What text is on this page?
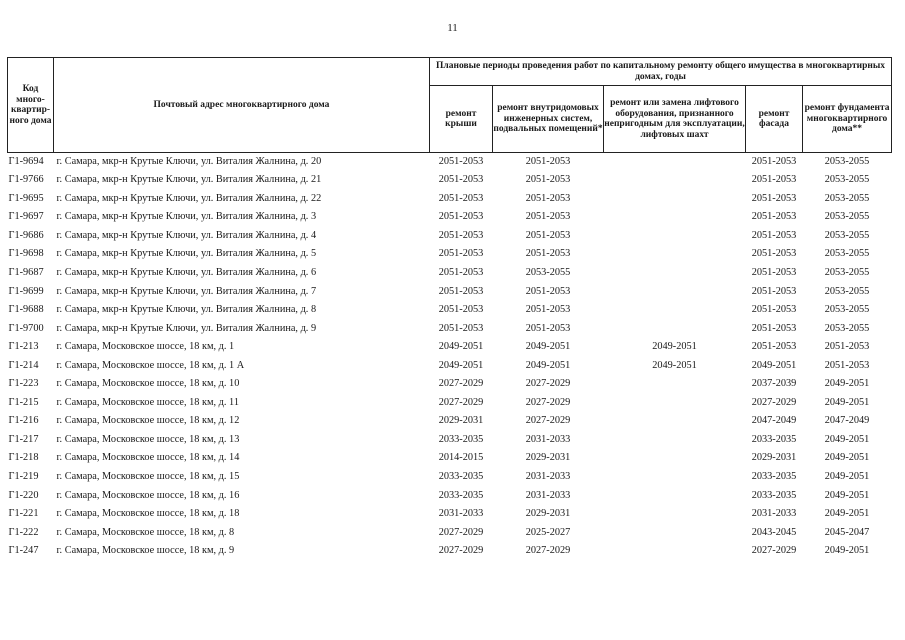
11
Код много-квартир-ного дома	Почтовый адрес многоквартирного дома	Плановые периоды проведения работ по капитальному ремонту общего имущества в многоквартирных домах, годы				
		ремонт крыши	ремонт внутридомовых инженерных систем, подвальных помещений*	ремонт или замена лифтового оборудования, признанного непригодным для эксплуатации, лифтовых шахт	ремонт фасада	ремонт фундамента многоквартирного дома**
Г1-9694	г. Самара, мкр-н Крутые Ключи, ул. Виталия Жалнина, д. 20	2051-2053	2051-2053		2051-2053	2053-2055
Г1-9766	г. Самара, мкр-н Крутые Ключи, ул. Виталия Жалнина, д. 21	2051-2053	2051-2053		2051-2053	2053-2055
Г1-9695	г. Самара, мкр-н Крутые Ключи, ул. Виталия Жалнина, д. 22	2051-2053	2051-2053		2051-2053	2053-2055
Г1-9697	г. Самара, мкр-н Крутые Ключи, ул. Виталия Жалнина, д. 3	2051-2053	2051-2053		2051-2053	2053-2055
Г1-9686	г. Самара, мкр-н Крутые Ключи, ул. Виталия Жалнина, д. 4	2051-2053	2051-2053		2051-2053	2053-2055
Г1-9698	г. Самара, мкр-н Крутые Ключи, ул. Виталия Жалнина, д. 5	2051-2053	2051-2053		2051-2053	2053-2055
Г1-9687	г. Самара, мкр-н Крутые Ключи, ул. Виталия Жалнина, д. 6	2051-2053	2053-2055		2051-2053	2053-2055
Г1-9699	г. Самара, мкр-н Крутые Ключи, ул. Виталия Жалнина, д. 7	2051-2053	2051-2053		2051-2053	2053-2055
Г1-9688	г. Самара, мкр-н Крутые Ключи, ул. Виталия Жалнина, д. 8	2051-2053	2051-2053		2051-2053	2053-2055
Г1-9700	г. Самара, мкр-н Крутые Ключи, ул. Виталия Жалнина, д. 9	2051-2053	2051-2053		2051-2053	2053-2055
Г1-213	г. Самара, Московское шоссе, 18 км, д. 1	2049-2051	2049-2051	2049-2051	2051-2053	2051-2053
Г1-214	г. Самара, Московское шоссе, 18 км, д. 1 А	2049-2051	2049-2051	2049-2051	2049-2051	2051-2053
Г1-223	г. Самара, Московское шоссе, 18 км, д. 10	2027-2029	2027-2029		2037-2039	2049-2051
Г1-215	г. Самара, Московское шоссе, 18 км, д. 11	2027-2029	2027-2029		2027-2029	2049-2051
Г1-216	г. Самара, Московское шоссе, 18 км, д. 12	2029-2031	2027-2029		2047-2049	2047-2049
Г1-217	г. Самара, Московское шоссе, 18 км, д. 13	2033-2035	2031-2033		2033-2035	2049-2051
Г1-218	г. Самара, Московское шоссе, 18 км, д. 14	2014-2015	2029-2031		2029-2031	2049-2051
Г1-219	г. Самара, Московское шоссе, 18 км, д. 15	2033-2035	2031-2033		2033-2035	2049-2051
Г1-220	г. Самара, Московское шоссе, 18 км, д. 16	2033-2035	2031-2033		2033-2035	2049-2051
Г1-221	г. Самара, Московское шоссе, 18 км, д. 18	2031-2033	2029-2031		2031-2033	2049-2051
Г1-222	г. Самара, Московское шоссе, 18 км, д. 8	2027-2029	2025-2027		2043-2045	2045-2047
Г1-247	г. Самара, Московское шоссе, 18 км, д. 9	2027-2029	2027-2029		2027-2029	2049-2051
